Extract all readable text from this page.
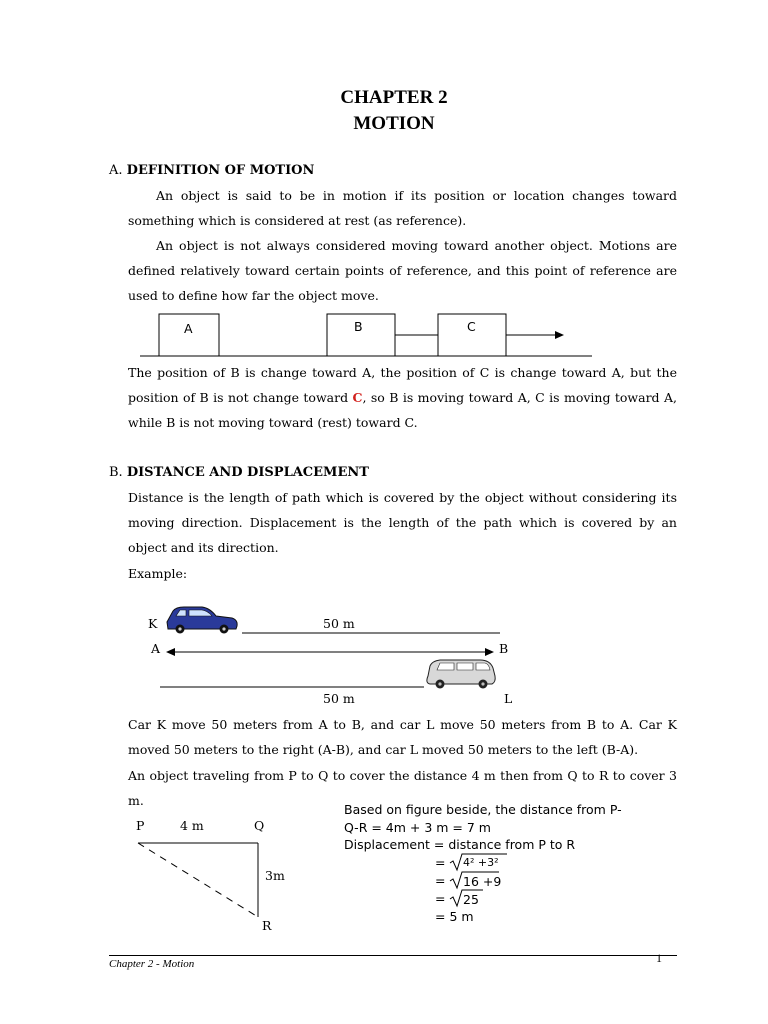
CHAPTER 2
MOTION
A. DEFINITION OF MOTION
An object is said to be in motion if its position or location changes toward something which is considered at rest (as reference).
An object is not always considered moving toward another object. Motions are defined relatively toward certain points of reference, and this point of reference are used to define how far the object move.
A	B	C
The position of B is change toward A, the position of C is change toward A, but the position of B is not change toward C, so B is moving toward A, C is moving toward A, while B is not moving toward (rest) toward C.
B. DISTANCE AND DISPLACEMENT
Distance is the length of path which is covered by the object without considering its moving direction. Displacement is the length of the path which is covered by an object and its direction.
Example:
K	50 m
A	B
50 m	L
Car K move 50 meters from A to B, and car L move 50 meters from B to A. Car K moved 50 meters to the right (A-B), and car L moved 50 meters to the left (B-A).
An object traveling from P to Q to cover the distance 4 m then from Q to R to cover 3 m.
P	4 m	Q
3m
R
Based on figure beside, the distance from P-
Q-R = 4m + 3 m = 7 m
Displacement = distance from P to R
= 4² +3²
= 16 +9
= 25
= 5 m
Chapter 2 - Motion	1
